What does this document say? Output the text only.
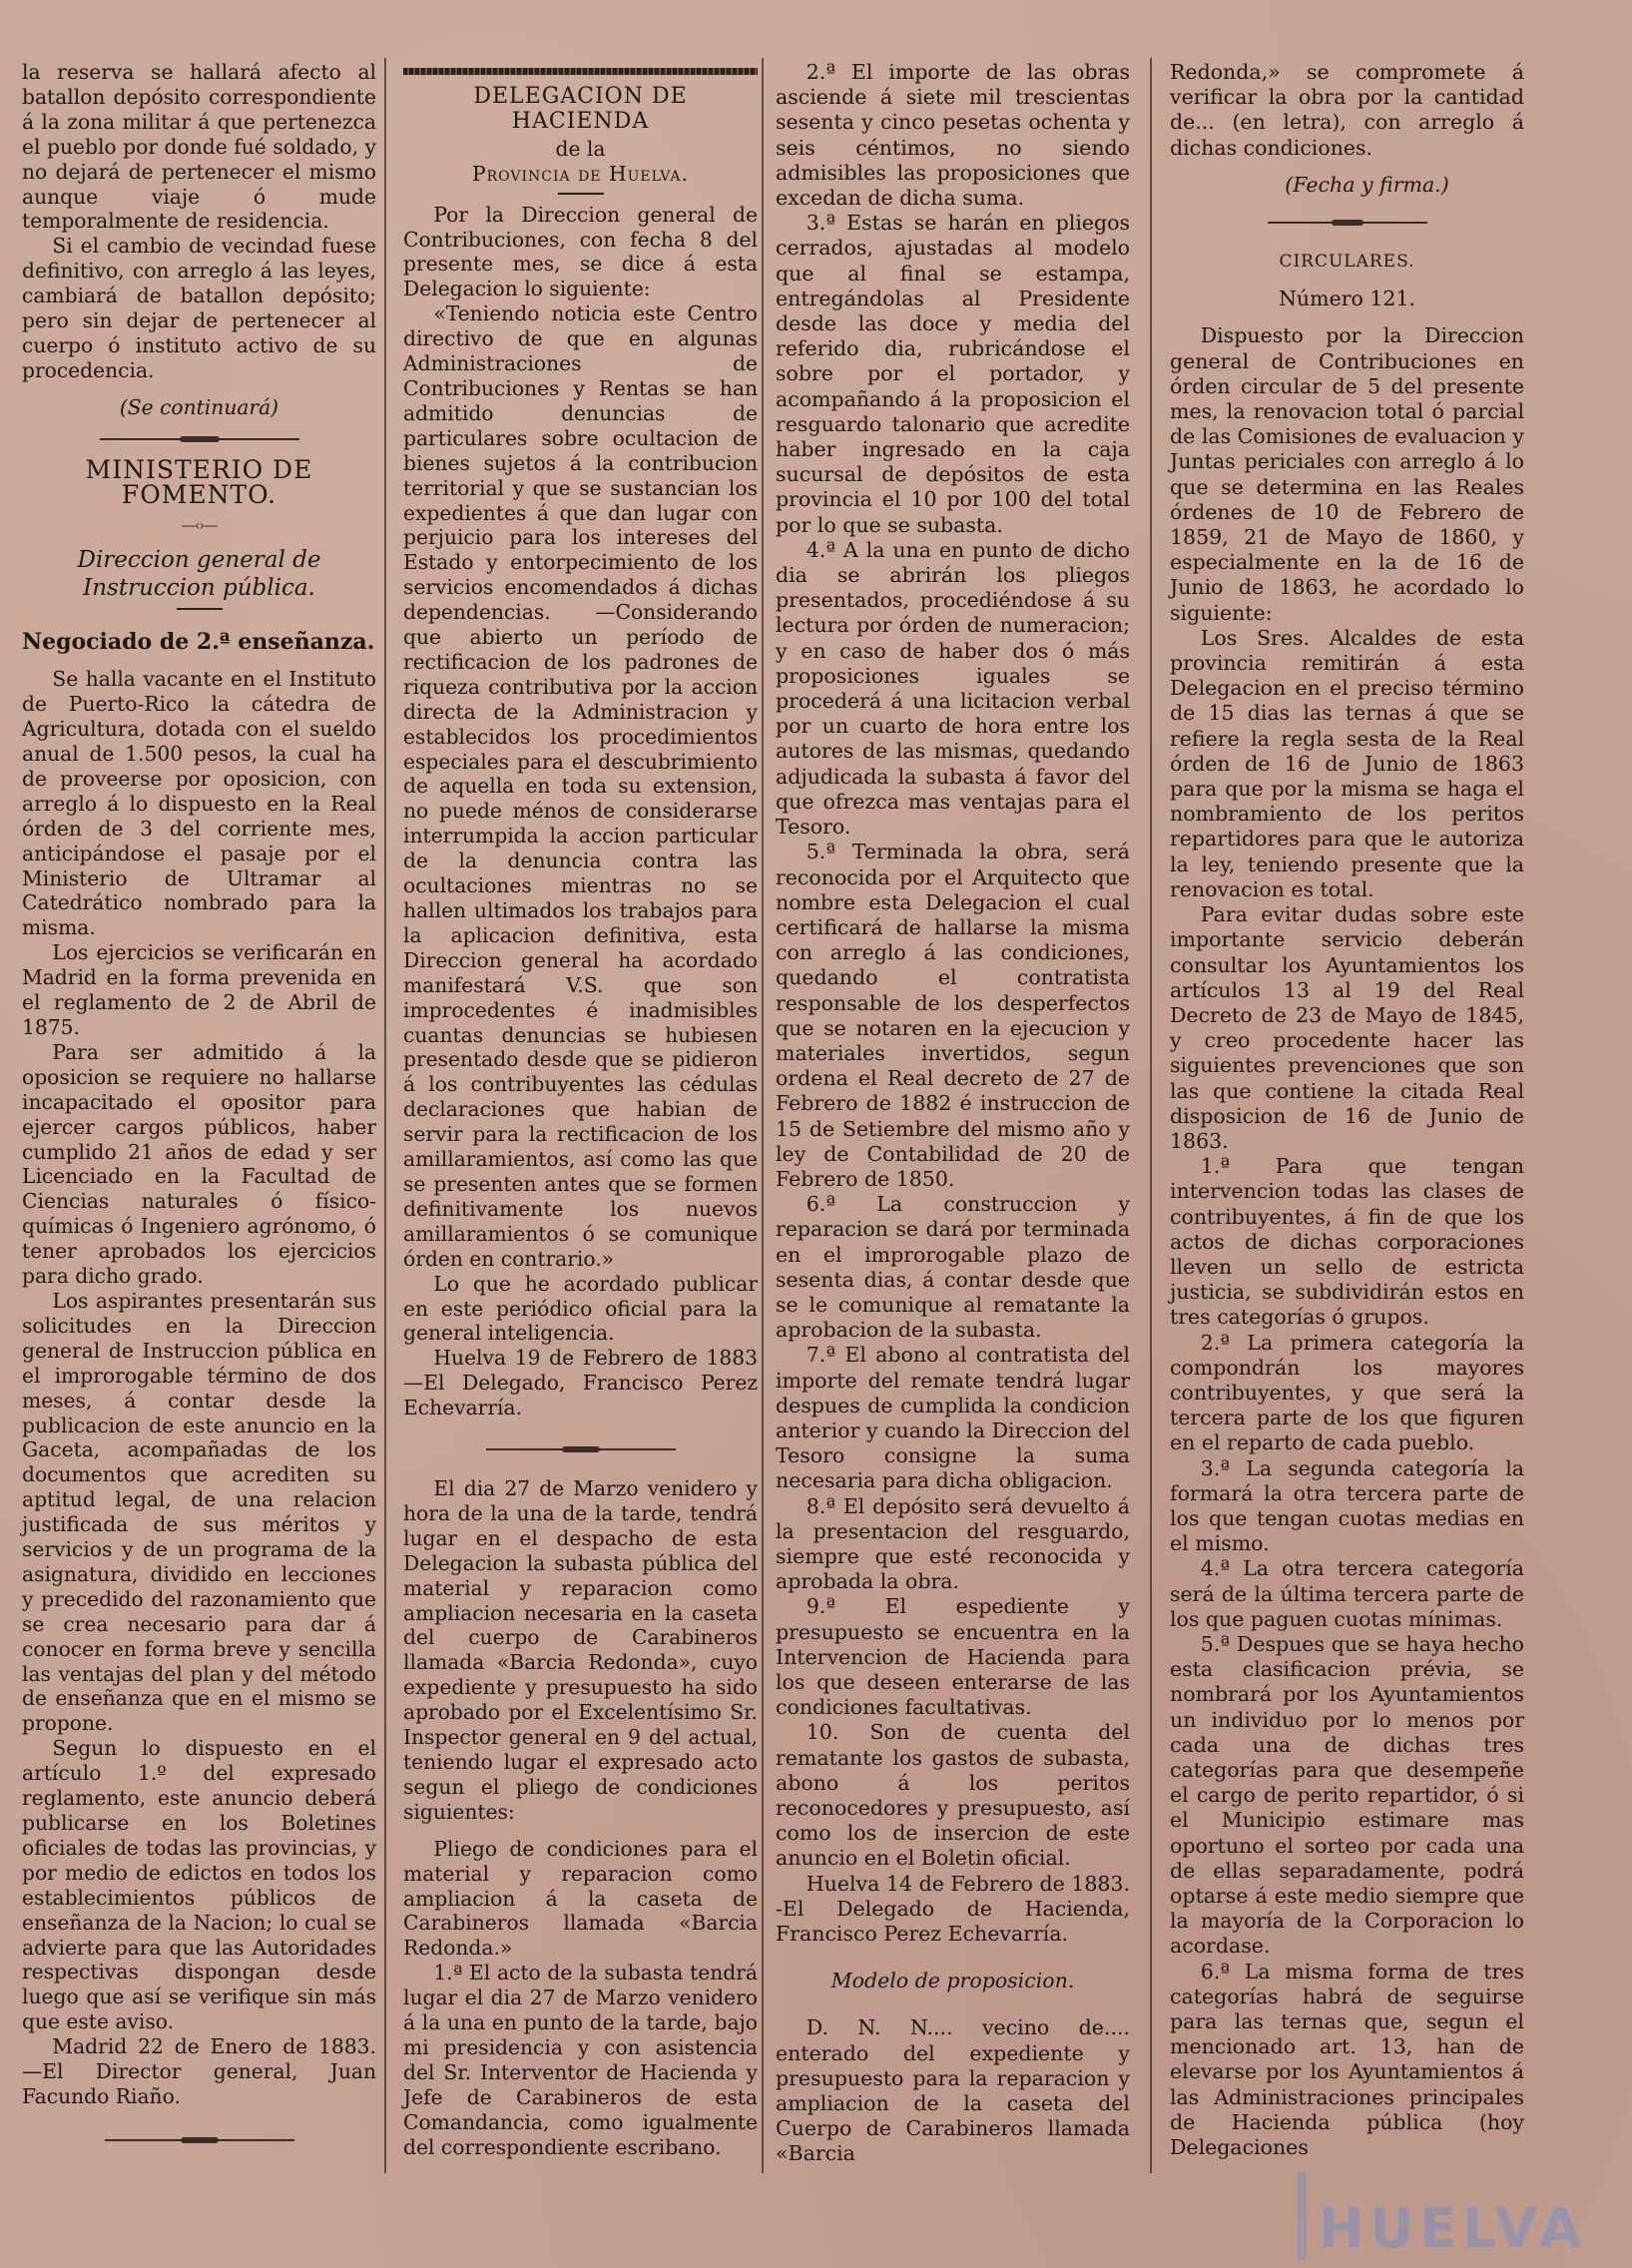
la reserva se hallará afecto al batallon depósito correspondiente á la zona militar á que pertenezca el pueblo por donde fué soldado, y no dejará de pertenecer el mismo aunque viaje ó mude temporalmente de residencia.

Si el cambio de vecindad fuese definitivo, con arreglo á las leyes, cambiará de batallon depósito; pero sin dejar de pertenecer al cuerpo ó instituto activo de su procedencia.

(Se continuará)

MINISTERIO DE FOMENTO.
—‹›—

Direccion general de Instruccion pública.

Negociado de 2.ª enseñanza.

Se halla vacante en el Instituto de Puerto-Rico la cátedra de Agricultura, dotada con el sueldo anual de 1.500 pesos, la cual ha de proveerse por oposicion, con arreglo á lo dispuesto en la Real órden de 3 del corriente mes, anticipándose el pasaje por el Ministerio de Ultramar al Catedrático nombrado para la misma.

Los ejercicios se verificarán en Madrid en la forma prevenida en el reglamento de 2 de Abril de 1875.

Para ser admitido á la oposicion se requiere no hallarse incapacitado el opositor para ejercer cargos públicos, haber cumplido 21 años de edad y ser Licenciado en la Facultad de Ciencias naturales ó físico-químicas ó Ingeniero agrónomo, ó tener aprobados los ejercicios para dicho grado.

Los aspirantes presentarán sus solicitudes en la Direccion general de Instruccion pública en el improrogable término de dos meses, á contar desde la publicacion de este anuncio en la Gaceta, acompañadas de los documentos que acrediten su aptitud legal, de una relacion justificada de sus méritos y servicios y de un programa de la asignatura, dividido en lecciones y precedido del razonamiento que se crea necesario para dar á conocer en forma breve y sencilla las ventajas del plan y del método de enseñanza que en el mismo se propone.

Segun lo dispuesto en el artículo 1.º del expresado reglamento, este anuncio deberá publicarse en los Boletines oficiales de todas las provincias, y por medio de edictos en todos los establecimientos públicos de enseñanza de la Nacion; lo cual se advierte para que las Autoridades respectivas dispongan desde luego que así se verifique sin más que este aviso.

Madrid 22 de Enero de 1883. —El Director general, Juan Facundo Riaño.

DELEGACION DE HACIENDA

de la

Provincia de Huelva.

Por la Direccion general de Contribuciones, con fecha 8 del presente mes, se dice á esta Delegacion lo siguiente:

«Teniendo noticia este Centro directivo de que en algunas Administraciones de Contribuciones y Rentas se han admitido denuncias de particulares sobre ocultacion de bienes sujetos á la contribucion territorial y que se sustancian los expedientes á que dan lugar con perjuicio para los intereses del Estado y entorpecimiento de los servicios encomendados á dichas dependencias. —Considerando que abierto un período de rectificacion de los padrones de riqueza contributiva por la accion directa de la Administracion y establecidos los procedimientos especiales para el descubrimiento de aquella en toda su extension, no puede ménos de considerarse interrumpida la accion particular de la denuncia contra las ocultaciones mientras no se hallen ultimados los trabajos para la aplicacion definitiva, esta Direccion general ha acordado manifestará V.S. que son improcedentes é inadmisibles cuantas denuncias se hubiesen presentado desde que se pidieron á los contribuyentes las cédulas declaraciones que habian de servir para la rectificacion de los amillaramientos, así como las que se presenten antes que se formen definitivamente los nuevos amillaramientos ó se comunique órden en contrario.»

Lo que he acordado publicar en este periódico oficial para la general inteligencia.

Huelva 19 de Febrero de 1883 —El Delegado, Francisco Perez Echevarría.

El dia 27 de Marzo venidero y hora de la una de la tarde, tendrá lugar en el despacho de esta Delegacion la subasta pública del material y reparacion como ampliacion necesaria en la caseta del cuerpo de Carabineros llamada «Barcia Redonda», cuyo expediente y presupuesto ha sido aprobado por el Excelentísimo Sr. Inspector general en 9 del actual, teniendo lugar el expresado acto segun el pliego de condiciones siguientes:

Pliego de condiciones para el material y reparacion como ampliacion á la caseta de Carabineros llamada «Barcia Redonda.»

1.ª El acto de la subasta tendrá lugar el dia 27 de Marzo venidero á la una en punto de la tarde, bajo mi presidencia y con asistencia del Sr. Interventor de Hacienda y Jefe de Carabineros de esta Comandancia, como igualmente del correspondiente escribano.

2.ª El importe de las obras asciende á siete mil trescientas sesenta y cinco pesetas ochenta y seis céntimos, no siendo admisibles las proposiciones que excedan de dicha suma.

3.ª Estas se harán en pliegos cerrados, ajustadas al modelo que al final se estampa, entregándolas al Presidente desde las doce y media del referido dia, rubricándose el sobre por el portador, y acompañando á la proposicion el resguardo talonario que acredite haber ingresado en la caja sucursal de depósitos de esta provincia el 10 por 100 del total por lo que se subasta.

4.ª A la una en punto de dicho dia se abrirán los pliegos presentados, procediéndose á su lectura por órden de numeracion; y en caso de haber dos ó más proposiciones iguales se procederá á una licitacion verbal por un cuarto de hora entre los autores de las mismas, quedando adjudicada la subasta á favor del que ofrezca mas ventajas para el Tesoro.

5.ª Terminada la obra, será reconocida por el Arquitecto que nombre esta Delegacion el cual certificará de hallarse la misma con arreglo á las condiciones, quedando el contratista responsable de los desperfectos que se notaren en la ejecucion y materiales invertidos, segun ordena el Real decreto de 27 de Febrero de 1882 é instruccion de 15 de Setiembre del mismo año y ley de Contabilidad de 20 de Febrero de 1850.

6.ª La construccion y reparacion se dará por terminada en el improrogable plazo de sesenta dias, á contar desde que se le comunique al rematante la aprobacion de la subasta.

7.ª El abono al contratista del importe del remate tendrá lugar despues de cumplida la condicion anterior y cuando la Direccion del Tesoro consigne la suma necesaria para dicha obligacion.

8.ª El depósito será devuelto á la presentacion del resguardo, siempre que esté reconocida y aprobada la obra.

9.ª El espediente y presupuesto se encuentra en la Intervencion de Hacienda para los que deseen enterarse de las condiciones facultativas.

10. Son de cuenta del rematante los gastos de subasta, abono á los peritos reconocedores y presupuesto, así como los de insercion de este anuncio en el Boletin oficial.

Huelva 14 de Febrero de 1883. -El Delegado de Hacienda, Francisco Perez Echevarría.

Modelo de proposicion.

D. N. N.... vecino de.... enterado del expediente y presupuesto para la reparacion y ampliacion de la caseta del Cuerpo de Carabineros llamada «Barcia

Redonda,» se compromete á verificar la obra por la cantidad de... (en letra), con arreglo á dichas condiciones.

(Fecha y firma.)

CIRCULARES.

Número 121.

Dispuesto por la Direccion general de Contribuciones en órden circular de 5 del presente mes, la renovacion total ó parcial de las Comisiones de evaluacion y Juntas periciales con arreglo á lo que se determina en las Reales órdenes de 10 de Febrero de 1859, 21 de Mayo de 1860, y especialmente en la de 16 de Junio de 1863, he acordado lo siguiente:

Los Sres. Alcaldes de esta provincia remitirán á esta Delegacion en el preciso término de 15 dias las ternas á que se refiere la regla sesta de la Real órden de 16 de Junio de 1863 para que por la misma se haga el nombramiento de los peritos repartidores para que le autoriza la ley, teniendo presente que la renovacion es total.

Para evitar dudas sobre este importante servicio deberán consultar los Ayuntamientos los artículos 13 al 19 del Real Decreto de 23 de Mayo de 1845, y creo procedente hacer las siguientes prevenciones que son las que contiene la citada Real disposicion de 16 de Junio de 1863.

1.ª Para que tengan intervencion todas las clases de contribuyentes, á fin de que los actos de dichas corporaciones lleven un sello de estricta justicia, se subdividirán estos en tres categorías ó grupos.

2.ª La primera categoría la compondrán los mayores contribuyentes, y que será la tercera parte de los que figuren en el reparto de cada pueblo.

3.ª La segunda categoría la formará la otra tercera parte de los que tengan cuotas medias en el mismo.

4.ª La otra tercera categoría será de la última tercera parte de los que paguen cuotas mínimas.

5.ª Despues que se haya hecho esta clasificacion prévia, se nombrará por los Ayuntamientos un individuo por lo menos por cada una de dichas tres categorías para que desempeñe el cargo de perito repartidor, ó si el Municipio estimare mas oportuno el sorteo por cada una de ellas separadamente, podrá optarse á este medio siempre que la mayoría de la Corporacion lo acordase.

6.ª La misma forma de tres categorías habrá de seguirse para las ternas que, segun el mencionado art. 13, han de elevarse por los Ayuntamientos á las Administraciones principales de Hacienda pública (hoy Delegaciones

HUELVA
